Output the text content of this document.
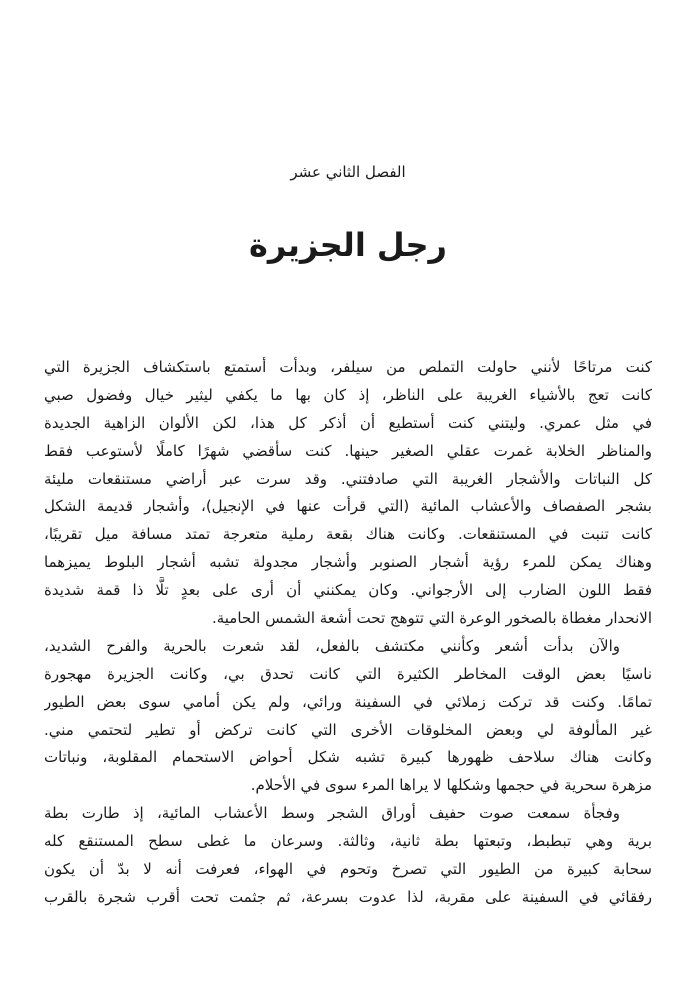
الفصل الثاني عشر
رجل الجزيرة
كنت مرتاحًا لأنني حاولت التملص من سيلفر، وبدأت أستمتع باستكشاف الجزيرة التي
كانت تعج بالأشياء الغريبة على الناظر، إذ كان بها ما يكفي ليثير خيال وفضول صبي
في مثل عمري. وليتني كنت أستطيع أن أذكر كل هذا، لكن الألوان الزاهية الجديدة
والمناظر الخلابة غمرت عقلي الصغير حينها. كنت سأقضي شهرًا كاملًا لأستوعب فقط
كل النباتات والأشجار الغريبة التي صادفتني. وقد سرت عبر أراضي مستنقعات مليئة
بشجر الصفصاف والأعشاب المائية (التي قرأت عنها في الإنجيل)، وأشجار قديمة الشكل
كانت تنبت في المستنقعات. وكانت هناك بقعة رملية متعرجة تمتد مسافة ميل تقريبًا،
وهناك يمكن للمرء رؤية أشجار الصنوبر وأشجار مجدولة تشبه أشجار البلوط يميزهما
فقط اللون الضارب إلى الأرجواني. وكان يمكنني أن أرى على بعدٍ تلًّا ذا قمة شديدة
الانحدار مغطاة بالصخور الوعرة التي تتوهج تحت أشعة الشمس الحامية.
والآن بدأت أشعر وكأنني مكتشف بالفعل، لقد شعرت بالحرية والفرح الشديد،
ناسيًا بعض الوقت المخاطر الكثيرة التي كانت تحدق بي، وكانت الجزيرة مهجورة
تمامًا. وكنت قد تركت زملائي في السفينة ورائي، ولم يكن أمامي سوى بعض الطيور
غير المألوفة لي وبعض المخلوقات الأخرى التي كانت تركض أو تطير لتحتمي مني.
وكانت هناك سلاحف ظهورها كبيرة تشبه شكل أحواض الاستحمام المقلوبة، ونباتات
مزهرة سحرية في حجمها وشكلها لا يراها المرء سوى في الأحلام.
وفجأة سمعت صوت حفيف أوراق الشجر وسط الأعشاب المائية، إذ طارت بطة
برية وهي تبطبط، وتبعتها بطة ثانية، وثالثة. وسرعان ما غطى سطح المستنقع كله
سحابة كبيرة من الطيور التي تصرخ وتحوم في الهواء، فعرفت أنه لا بدّ أن يكون
رفقائي في السفينة على مقربة، لذا عدوت بسرعة، ثم جثمت تحت أقرب شجرة بالقرب
